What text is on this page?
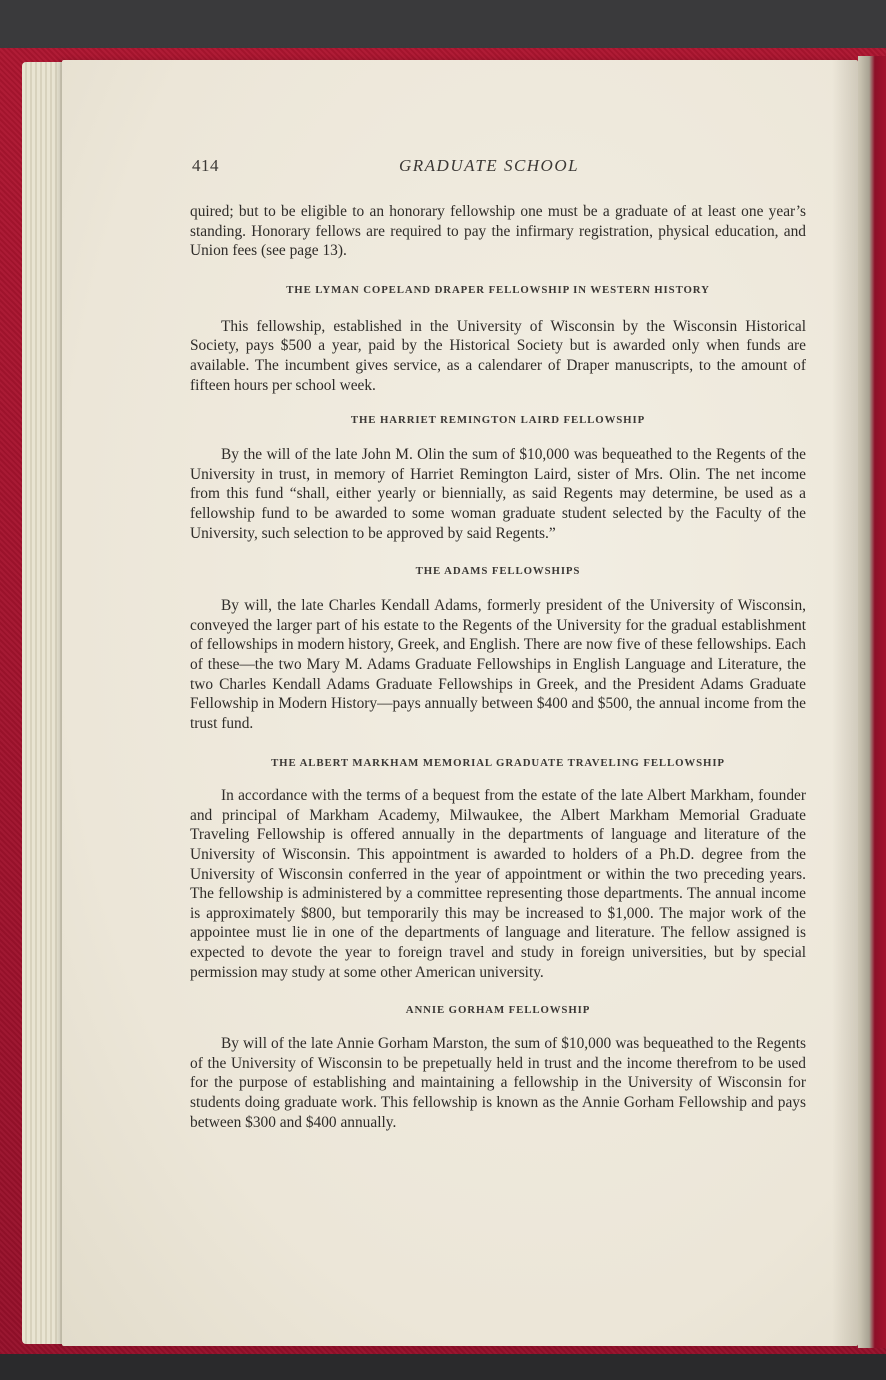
414	GRADUATE SCHOOL

quired; but to be eligible to an honorary fellowship one must be a graduate of at least one year’s standing. Honorary fellows are required to pay the infirmary registration, physical education, and Union fees (see page 13).

THE LYMAN COPELAND DRAPER FELLOWSHIP IN WESTERN HISTORY

This fellowship, established in the University of Wisconsin by the Wisconsin Historical Society, pays $500 a year, paid by the Historical Society but is awarded only when funds are available. The incumbent gives service, as a calendarer of Draper manuscripts, to the amount of fifteen hours per school week.

THE HARRIET REMINGTON LAIRD FELLOWSHIP

By the will of the late John M. Olin the sum of $10,000 was bequeathed to the Regents of the University in trust, in memory of Harriet Remington Laird, sister of Mrs. Olin. The net income from this fund “shall, either yearly or biennially, as said Regents may determine, be used as a fellowship fund to be awarded to some woman graduate student selected by the Faculty of the University, such selection to be approved by said Regents.”

THE ADAMS FELLOWSHIPS

By will, the late Charles Kendall Adams, formerly president of the University of Wisconsin, conveyed the larger part of his estate to the Regents of the University for the gradual establishment of fellowships in modern history, Greek, and English. There are now five of these fellowships. Each of these—the two Mary M. Adams Graduate Fellowships in English Language and Literature, the two Charles Kendall Adams Graduate Fellowships in Greek, and the President Adams Graduate Fellowship in Modern History—pays annually between $400 and $500, the annual income from the trust fund.

THE ALBERT MARKHAM MEMORIAL GRADUATE TRAVELING FELLOWSHIP

In accordance with the terms of a bequest from the estate of the late Albert Markham, founder and principal of Markham Academy, Milwaukee, the Albert Markham Memorial Graduate Traveling Fellowship is offered annually in the departments of language and literature of the University of Wisconsin. This appointment is awarded to holders of a Ph.D. degree from the University of Wisconsin conferred in the year of appointment or within the two preceding years. The fellowship is administered by a committee representing those departments. The annual income is approximately $800, but temporarily this may be increased to $1,000. The major work of the appointee must lie in one of the departments of language and literature. The fellow assigned is expected to devote the year to foreign travel and study in foreign universities, but by special permission may study at some other American university.

ANNIE GORHAM FELLOWSHIP

By will of the late Annie Gorham Marston, the sum of $10,000 was bequeathed to the Regents of the University of Wisconsin to be prepetually held in trust and the income therefrom to be used for the purpose of establishing and maintaining a fellowship in the University of Wisconsin for students doing graduate work. This fellowship is known as the Annie Gorham Fellowship and pays between $300 and $400 annually.
